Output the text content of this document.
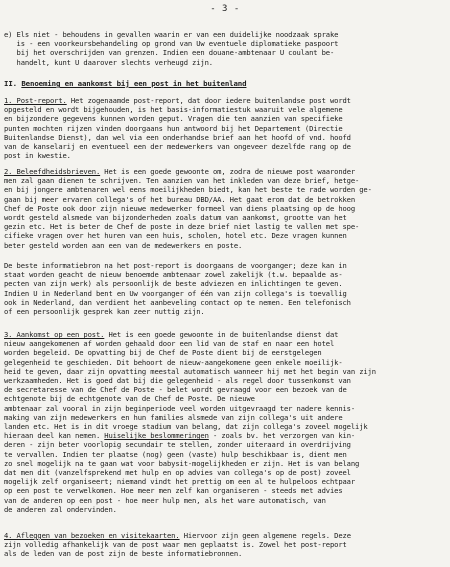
- 3 -
e) Els niet - behoudens in gevallen waarin er van een duidelijke noodzaak sprake
is - een voorkeursbehandeling op grond van Uw eventuele diplomatieke paspoort
bij het overschrijden van grenzen. Indien een douane-ambtenaar U coulant be-
handelt, kunt U daarover slechts verheugd zijn.
II. Benoeming en aankomst bij een post in het buitenland
1. Post-report. Het zogenaamde post-report, dat door iedere buitenlandse post wordt
opgesteld en wordt bijgehouden, is het basis-informatiestuk waaruit vele algemene
en bijzondere gegevens kunnen worden geput. Vragen die ten aanzien van specifieke
punten mochten rijzen vinden doorgaans hun antwoord bij het Departement (Directie
Buitenlandse Dienst), dan wel via een onderhandse brief aan het hoofd of vnd. hoofd
van de kanselarij en eventueel een der medewerkers van ongeveer dezelfde rang op de
post in kwestie.
2. Beleefdheidsbrieven. Het is een goede gewoonte om, zodra de nieuwe post waaronder
men zal gaan dienen te schrijven. Ten aanzien van het inkleden van deze brief, hetge-
en bij jongere ambtenaren wel eens moeilijkheden biedt, kan het beste te rade worden ge-
gaan bij meer ervaren collega's of het bureau DBD/AA. Het gaat erom dat de betrokken
Chef de Poste ook door zijn nieuwe medewerker formeel van diens plaatsing op de hoog
wordt gesteld alsmede van bijzonderheden zoals datum van aankomst, grootte van het
gezin etc. Het is beter de Chef de poste in deze brief niet lastig te vallen met spe-
cifieke vragen over het huren van een huis, scholen, hotel etc. Deze vragen kunnen
beter gesteld worden aan een van de medewerkers en poste.
De beste informatiebron na het post-report is doorgaans de voorganger; deze kan in
staat worden geacht de nieuw benoemde ambtenaar zowel zakelijk (t.w. bepaalde as-
pecten van zijn werk) als persoonlijk de beste adviezen en inlichtingen te geven.
Indien U in Nederland bent en Uw voorganger of één van zijn collega's is toevallig
ook in Nederland, dan verdient het aanbeveling contact op te nemen. Een telefonisch
of een persoonlijk gesprek kan zeer nuttig zijn.
3. Aankomst op een post. Het is een goede gewoonte in de buitenlandse dienst dat
nieuw aangekomenen af worden gehaald door een lid van de staf en naar een hotel
worden begeleid. De opvatting bij de Chef de Poste dient bij de eerstgelegen
gelegenheid te geschieden. Dit behoort de nieuw-aangekomene geen enkele moeilijk-
heid te geven, daar zijn opvatting meestal automatisch wanneer hij met het begin van zijn
werkzaamheden. Het is goed dat bij die gelegenheid - als regel door tussenkomst van
de secretaresse van de Chef de Poste - belet wordt gevraagd voor een bezoek van de
echtgenote bij de echtgenote van de Chef de Poste. De nieuwe
ambtenaar zal vooral in zijn beginperiode veel worden uitgevraagd ter nadere kennis-
making van zijn medewerkers en hun families alsmede van zijn collega's uit andere
landen etc. Het is in dit vroege stadium van belang, dat zijn collega's zoveel mogelijk
hieraan deel kan nemen. Huiselijke beslommeringen - zoals bv. het verzorgen van kin-
deren - zijn beter voorlopig secundair te stellen, zonder uiteraard in overdrijving
te vervallen. Indien ter plaatse (nog) geen (vaste) hulp beschikbaar is, dient men
zo snel mogelijk na te gaan wat voor babysit-mogelijkheden er zijn. Het is van belang
dat men dit (vanzelfsprekend met hulp en op advies van collega's op de post) zoveel
mogelijk zelf organiseert; niemand vindt het prettig om een al te hulpeloos echtpaar
op een post te verwelkomen. Hoe meer men zelf kan organiseren - steeds met advies
van de anderen op een post - hoe meer hulp men, als het ware automatisch, van
de anderen zal ondervinden.
4. Afleggen van bezoeken en visitekaarten. Hiervoor zijn geen algemene regels. Deze
zijn volledig afhankelijk van de post waar men geplaatst is. Zowel het post-report
als de leden van de post zijn de beste informatiebronnen.
